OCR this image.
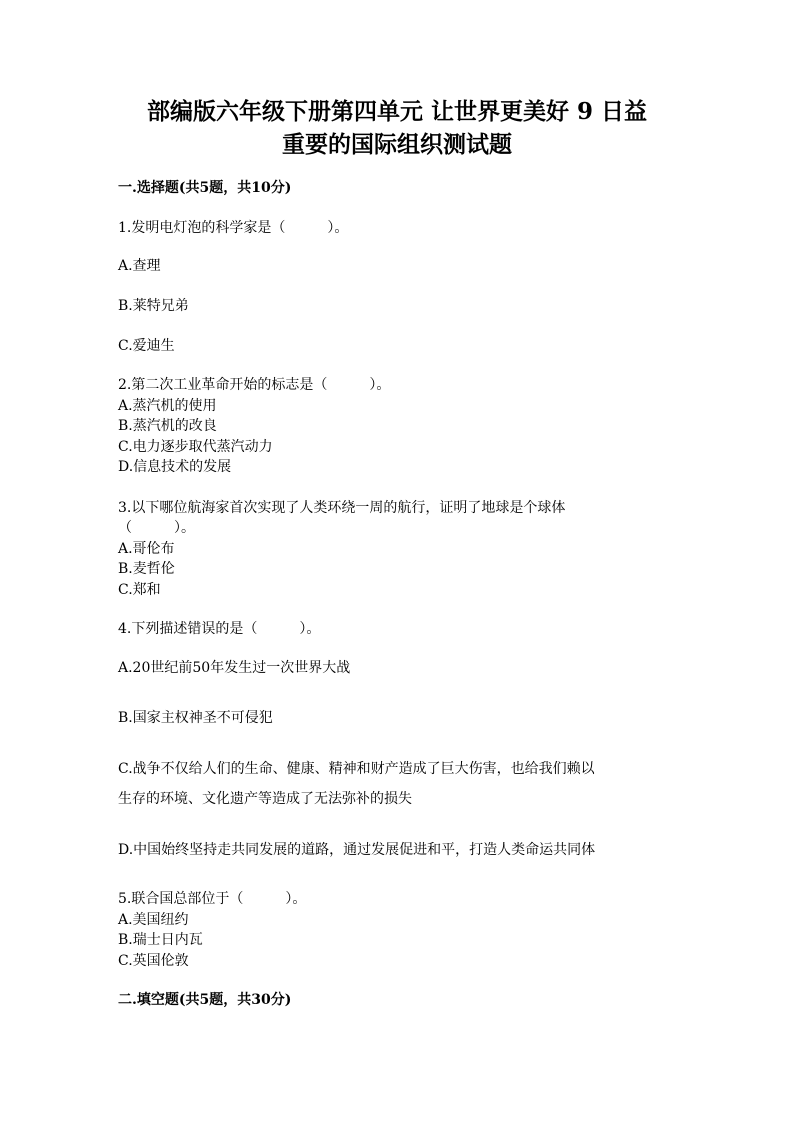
部编版六年级下册第四单元 让世界更美好 9 日益
重要的国际组织测试题
一.选择题(共5题，共10分)
1.发明电灯泡的科学家是（　　　）。
A.查理
B.莱特兄弟
C.爱迪生
2.第二次工业革命开始的标志是（　　　）。
A.蒸汽机的使用
B.蒸汽机的改良
C.电力逐步取代蒸汽动力
D.信息技术的发展
3.以下哪位航海家首次实现了人类环绕一周的航行，证明了地球是个球体
（　　　）。
A.哥伦布
B.麦哲伦
C.郑和
4.下列描述错误的是（　　　）。
A.20世纪前50年发生过一次世界大战
B.国家主权神圣不可侵犯
C.战争不仅给人们的生命、健康、精神和财产造成了巨大伤害，也给我们赖以
生存的环境、文化遗产等造成了无法弥补的损失
D.中国始终坚持走共同发展的道路，通过发展促进和平，打造人类命运共同体
5.联合国总部位于（　　　）。
A.美国纽约
B.瑞士日内瓦
C.英国伦敦
二.填空题(共5题，共30分)
